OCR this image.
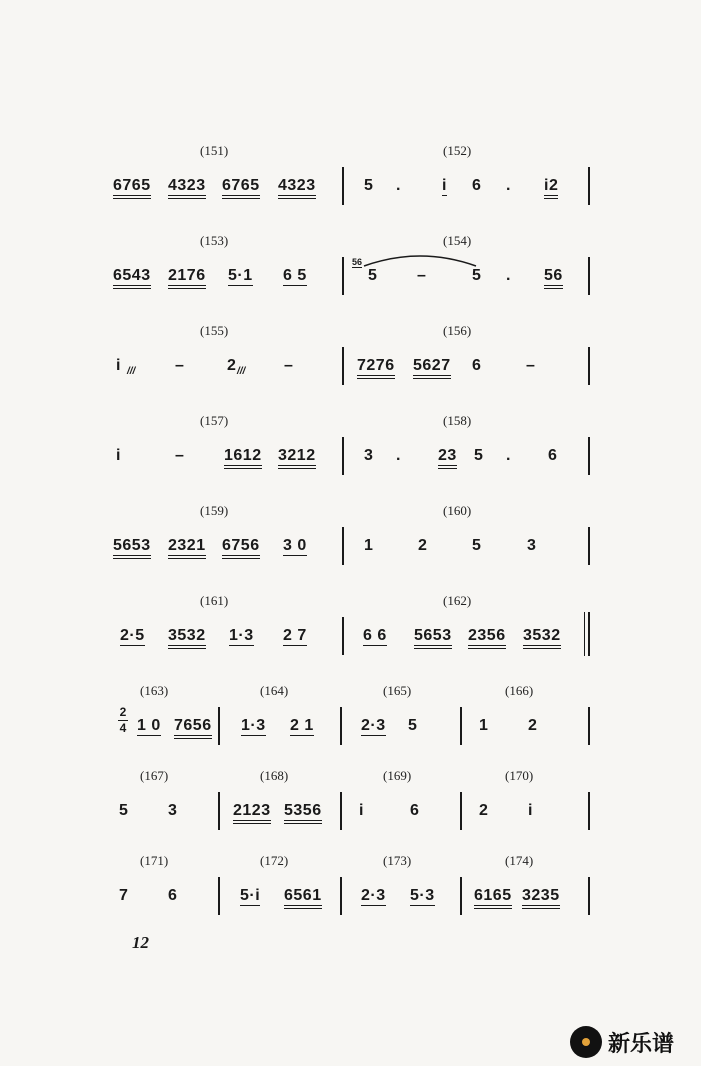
(151)	(152)
(153)	(154)
(155)	(156)
(157)	(158)
(159)	(160)
(161)	(162)
(163)	(164)	(165)	(166)
(167)	(168)	(169)	(170)
(171)	(172)	(173)	(174)
6765 4323 6765 4323	5 .	i 6 . i2
6543 2176 5·1 6 5	5 –	5 . 56
i	–	2	–	7276 5627 6	–
i	– 1612 3212	3 . 23 5 . 6
5653 2321 6756 3 0	1	2	5	3
2·5 3532 1·3 2 7	6 6 5653 2356 3532
1 0 7656 1·3 2 1	2·3 5	1 2
5 3	2123 5356 i	6	2 i
7 6	5·i 6561 2·3 5·3 6165 3235
56
2
4
///	///
12
新乐谱
